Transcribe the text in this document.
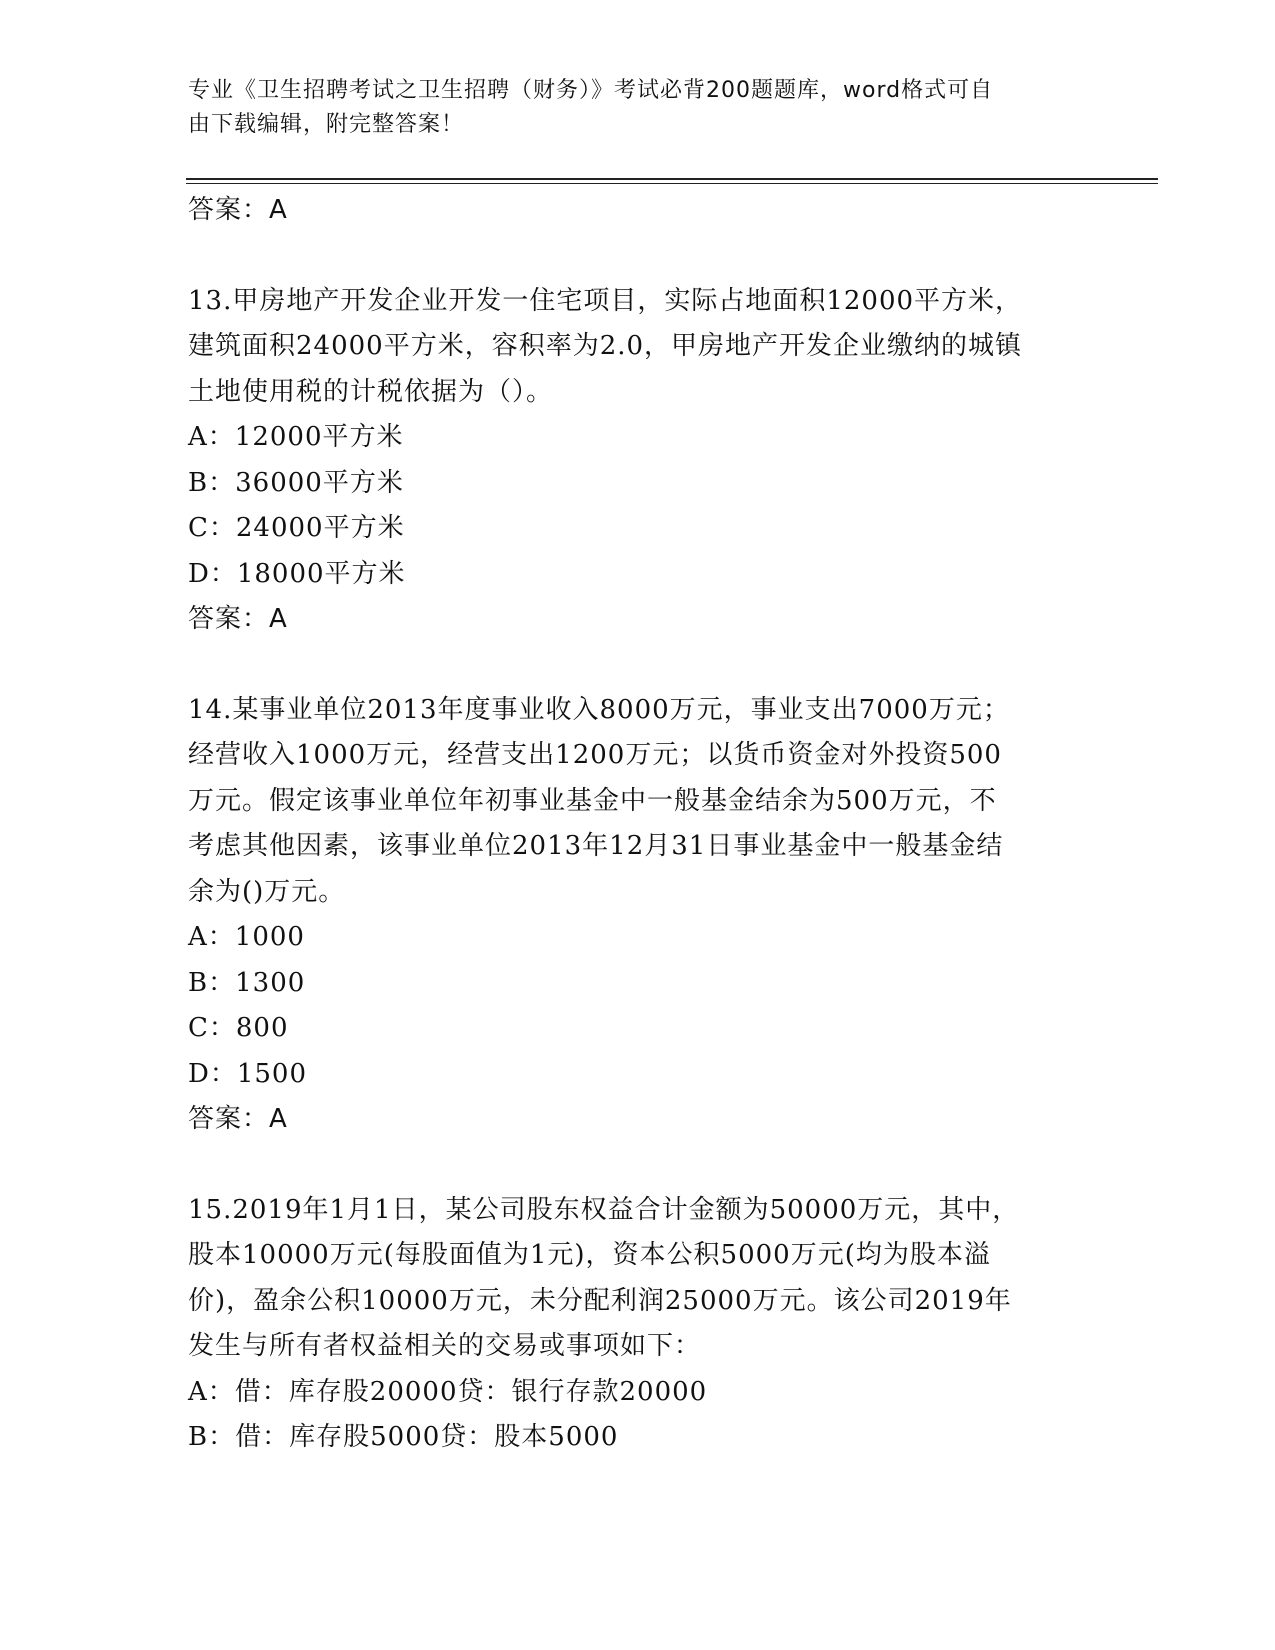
专业《卫生招聘考试之卫生招聘（财务）》考试必背200题题库，word格式可自
由下载编辑，附完整答案！

答案：A

13.甲房地产开发企业开发一住宅项目，实际占地面积12000平方米，

建筑面积24000平方米，容积率为2.0，甲房地产开发企业缴纳的城镇

土地使用税的计税依据为（）。

A：12000平方米

B：36000平方米

C：24000平方米

D：18000平方米

答案：A

14.某事业单位2013年度事业收入8000万元，事业支出7000万元；

经营收入1000万元，经营支出1200万元；以货币资金对外投资500

万元。假定该事业单位年初事业基金中一般基金结余为500万元，不

考虑其他因素，该事业单位2013年12月31日事业基金中一般基金结

余为()万元。

A：1000

B：1300

C：800

D：1500

答案：A

15.2019年1月1日，某公司股东权益合计金额为50000万元，其中，

股本10000万元(每股面值为1元)，资本公积5000万元(均为股本溢

价)，盈余公积10000万元，未分配利润25000万元。该公司2019年

发生与所有者权益相关的交易或事项如下：

A：借：库存股20000贷：银行存款20000

B：借：库存股5000贷：股本5000
